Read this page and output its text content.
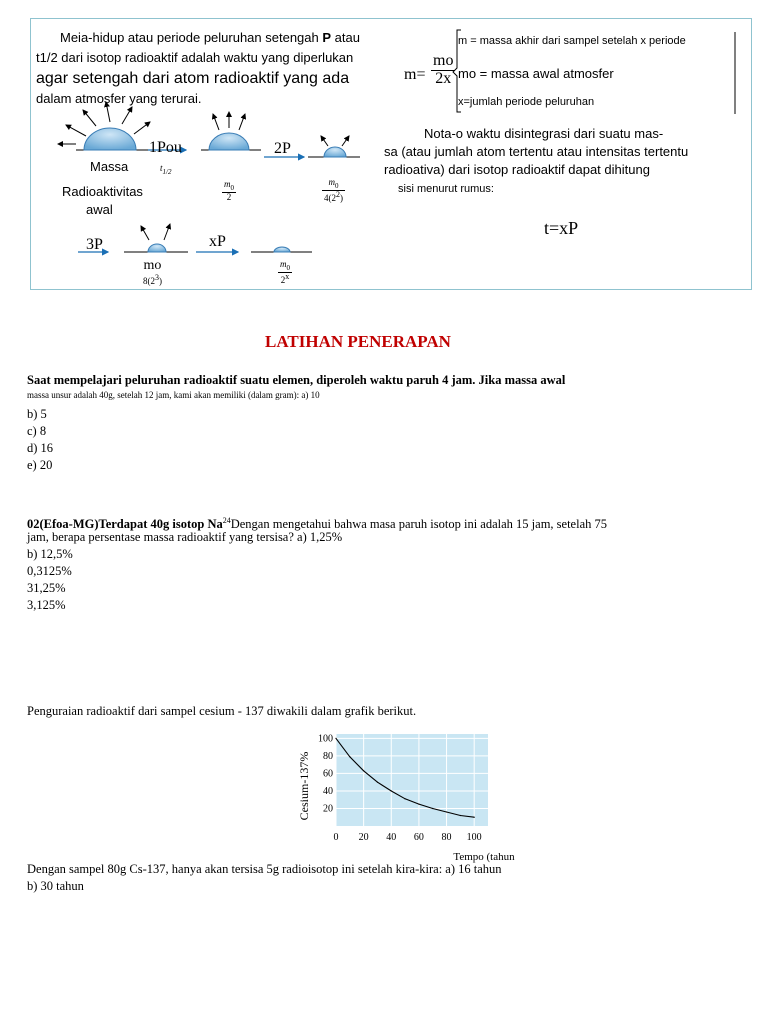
Meia-hidup atau periode peluruhan setengah P atau
t1/2 dari isotop radioaktif adalah waktu yang diperlukan
agar setengah dari atom radioaktif yang ada
dalam atmosfer yang terurai.
$m= \frac{mo}{2x}$
m = massa akhir dari sampel setelah x periode
mo = massa awal atmosfer
x=jumlah periode peluruhan
Nota-o waktu disintegrasi dari suatu mas-
sa (atau jumlah atom tertentu atau intensitas tertentu
radioativa) dari isotop radioaktif dapat dihitung
sisi menurut rumus:
t=xP
1Pou
$t_{1/2}$
2P
Massa
Radioaktivitas
awal
$\frac{m_0}{2}$	$\frac{m_0}{4(2^2)}$
3P	xP
mo
$8(2^3)$	$\frac{m_0}{2^x}$
LATIHAN PENERAPAN
Saat mempelajari peluruhan radioaktif suatu elemen, diperoleh waktu paruh 4 jam. Jika massa awal
massa unsur adalah 40g, setelah 12 jam, kami akan memiliki (dalam gram): a) 10
b) 5
c) 8
d) 16
e) 20
02(Efoa-MG)Terdapat 40g isotop Na$^{24}$Dengan mengetahui bahwa masa paruh isotop ini adalah 15 jam, setelah 75
jam, berapa persentase massa radioaktif yang tersisa? a) 1,25%
b) 12,5%
0,3125%
31,25%
3,125%
Penguraian radioaktif dari sampel cesium - 137 diwakili dalam grafik berikut.
20
40
60
80
100
0 20 40 60 80 100
Tempo (tahun
Cesium-137%
Dengan sampel 80g Cs-137, hanya akan tersisa 5g radioisotop ini setelah kira-kira: a) 16 tahun
b) 30 tahun
